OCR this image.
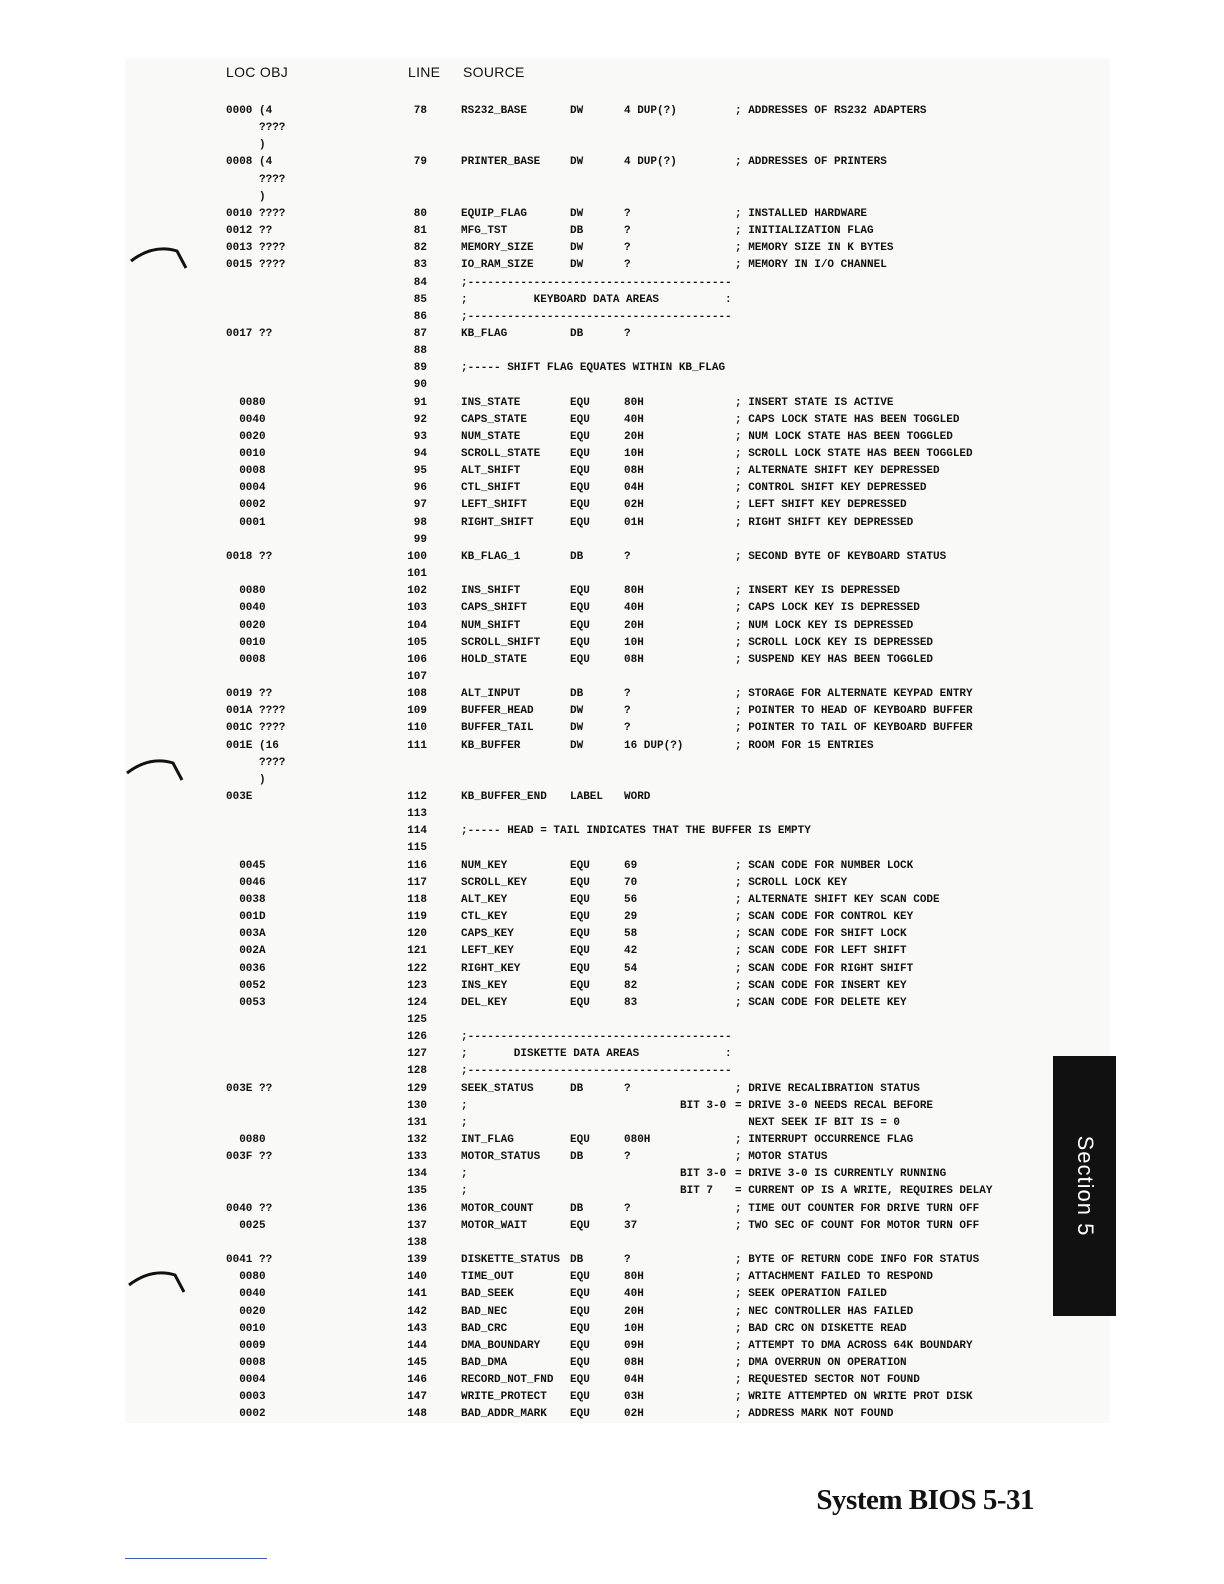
LOC OBJ	LINE SOURCE
0000 (4	78	RS232_BASE	DW	4 DUP(?)	; ADDRESSES OF RS232 ADAPTERS
????
)
0008 (4	79	PRINTER_BASE	DW	4 DUP(?)	; ADDRESSES OF PRINTERS
????
)
0010 ????	80	EQUIP_FLAG	DW	?	; INSTALLED HARDWARE
0012 ??	81	MFG_TST	DB	?	; INITIALIZATION FLAG
0013 ????	82	MEMORY_SIZE	DW	?	; MEMORY SIZE IN K BYTES
0015 ????	83	IO_RAM_SIZE	DW	?	; MEMORY IN I/O CHANNEL
84	;----------------------------------------
85	;          KEYBOARD DATA AREAS          :
86	;----------------------------------------
0017 ??	87	KB_FLAG	DB	?
88
89	;----- SHIFT FLAG EQUATES WITHIN KB_FLAG
90
0080	91	INS_STATE	EQU	80H	; INSERT STATE IS ACTIVE
0040	92	CAPS_STATE	EQU	40H	; CAPS LOCK STATE HAS BEEN TOGGLED
0020	93	NUM_STATE	EQU	20H	; NUM LOCK STATE HAS BEEN TOGGLED
0010	94	SCROLL_STATE	EQU	10H	; SCROLL LOCK STATE HAS BEEN TOGGLED
0008	95	ALT_SHIFT	EQU	08H	; ALTERNATE SHIFT KEY DEPRESSED
0004	96	CTL_SHIFT	EQU	04H	; CONTROL SHIFT KEY DEPRESSED
0002	97	LEFT_SHIFT	EQU	02H	; LEFT SHIFT KEY DEPRESSED
0001	98	RIGHT_SHIFT	EQU	01H	; RIGHT SHIFT KEY DEPRESSED
99
0018 ??	100	KB_FLAG_1	DB	?	; SECOND BYTE OF KEYBOARD STATUS
101
0080	102	INS_SHIFT	EQU	80H	; INSERT KEY IS DEPRESSED
0040	103	CAPS_SHIFT	EQU	40H	; CAPS LOCK KEY IS DEPRESSED
0020	104	NUM_SHIFT	EQU	20H	; NUM LOCK KEY IS DEPRESSED
0010	105	SCROLL_SHIFT	EQU	10H	; SCROLL LOCK KEY IS DEPRESSED
0008	106	HOLD_STATE	EQU	08H	; SUSPEND KEY HAS BEEN TOGGLED
107
0019 ??	108	ALT_INPUT	DB	?	; STORAGE FOR ALTERNATE KEYPAD ENTRY
001A ????	109	BUFFER_HEAD	DW	?	; POINTER TO HEAD OF KEYBOARD BUFFER
001C ????	110	BUFFER_TAIL	DW	?	; POINTER TO TAIL OF KEYBOARD BUFFER
001E (16	111	KB_BUFFER	DW	16 DUP(?)	; ROOM FOR 15 ENTRIES
????
)
003E	112	KB_BUFFER_END LABEL WORD
113
114	;----- HEAD = TAIL INDICATES THAT THE BUFFER IS EMPTY
115
0045	116	NUM_KEY	EQU	69	; SCAN CODE FOR NUMBER LOCK
0046	117	SCROLL_KEY	EQU	70	; SCROLL LOCK KEY
0038	118	ALT_KEY	EQU	56	; ALTERNATE SHIFT KEY SCAN CODE
001D	119	CTL_KEY	EQU	29	; SCAN CODE FOR CONTROL KEY
003A	120	CAPS_KEY	EQU	58	; SCAN CODE FOR SHIFT LOCK
002A	121	LEFT_KEY	EQU	42	; SCAN CODE FOR LEFT SHIFT
0036	122	RIGHT_KEY	EQU	54	; SCAN CODE FOR RIGHT SHIFT
0052	123	INS_KEY	EQU	82	; SCAN CODE FOR INSERT KEY
0053	124	DEL_KEY	EQU	83	; SCAN CODE FOR DELETE KEY
125
126	;----------------------------------------
127	;       DISKETTE DATA AREAS             :
128	;----------------------------------------
003E ??	129	SEEK_STATUS	DB	?	; DRIVE RECALIBRATION STATUS
130	;	BIT 3-0 = DRIVE 3-0 NEEDS RECAL BEFORE
131	;	NEXT SEEK IF BIT IS = 0
0080	132	INT_FLAG	EQU	080H	; INTERRUPT OCCURRENCE FLAG
003F ??	133	MOTOR_STATUS	DB	?	; MOTOR STATUS
134	;	BIT 3-0 = DRIVE 3-0 IS CURRENTLY RUNNING
135	;	BIT 7 = CURRENT OP IS A WRITE, REQUIRES DELAY
0040 ??	136	MOTOR_COUNT	DB	?	; TIME OUT COUNTER FOR DRIVE TURN OFF
0025	137	MOTOR_WAIT	EQU	37	; TWO SEC OF COUNT FOR MOTOR TURN OFF
138
0041 ??	139	DISKETTE_STATUS DB	?	; BYTE OF RETURN CODE INFO FOR STATUS
0080	140	TIME_OUT	EQU	80H	; ATTACHMENT FAILED TO RESPOND
0040	141	BAD_SEEK	EQU	40H	; SEEK OPERATION FAILED
0020	142	BAD_NEC	EQU	20H	; NEC CONTROLLER HAS FAILED
0010	143	BAD_CRC	EQU	10H	; BAD CRC ON DISKETTE READ
0009	144	DMA_BOUNDARY	EQU	09H	; ATTEMPT TO DMA ACROSS 64K BOUNDARY
0008	145	BAD_DMA	EQU	08H	; DMA OVERRUN ON OPERATION
0004	146	RECORD_NOT_FND EQU	04H	; REQUESTED SECTOR NOT FOUND
0003	147	WRITE_PROTECT EQU	03H	; WRITE ATTEMPTED ON WRITE PROT DISK
0002	148	BAD_ADDR_MARK EQU	02H	; ADDRESS MARK NOT FOUND
Section 5
System BIOS 5-31
